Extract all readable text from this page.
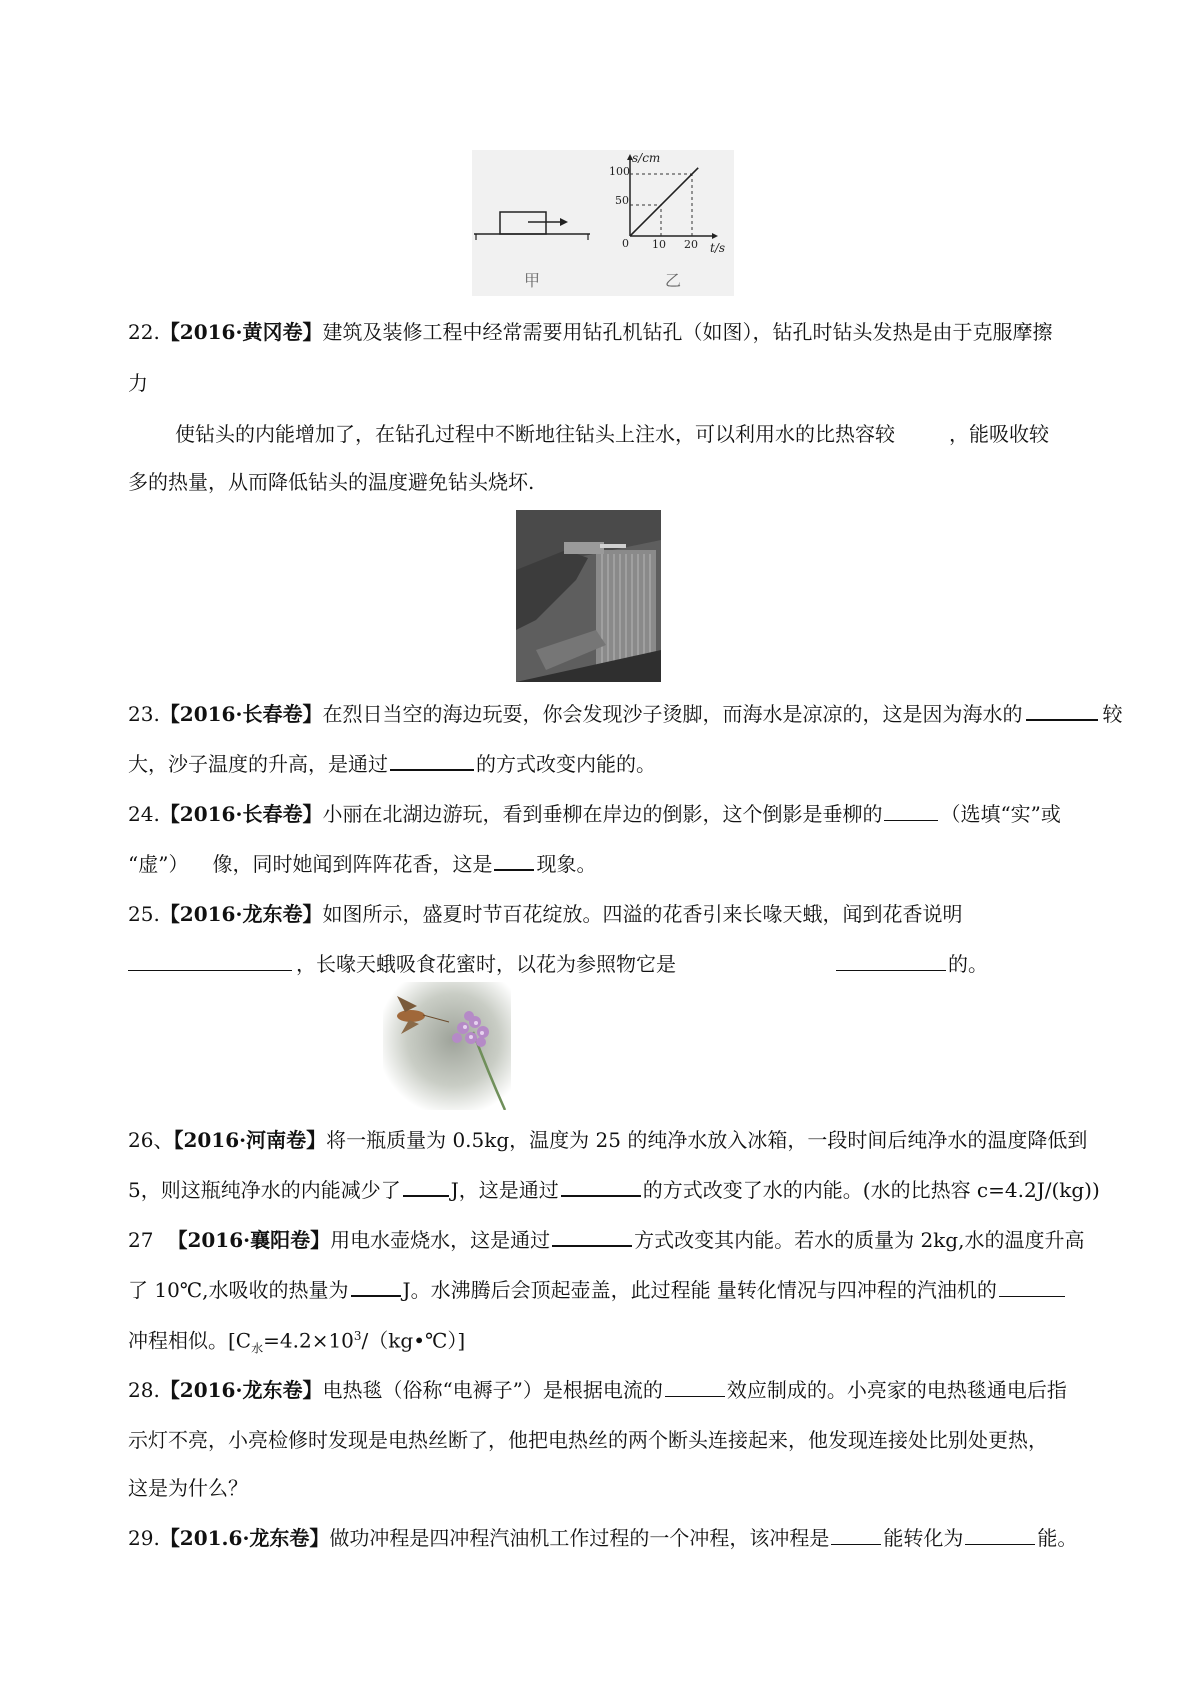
甲
s/cm
t/s
0 10 20
50
100
乙
22.【2016·黄冈卷】建筑及装修工程中经常需要用钻孔机钻孔（如图），钻孔时钻头发热是由于克服摩擦
力
使钻头的内能增加了，在钻孔过程中不断地往钻头上注水，可以利用水的比热容较	，能吸收较
多的热量，从而降低钻头的温度避免钻头烧坏.
23.【2016·长春卷】在烈日当空的海边玩耍，你会发现沙子烫脚，而海水是凉凉的，这是因为海水的	较
大，沙子温度的升高，是通过	的方式改变内能的。
24.【2016·长春卷】小丽在北湖边游玩，看到垂柳在岸边的倒影，这个倒影是垂柳的	（选填“实”或
“虚”） 像，同时她闻到阵阵花香，这是 现象。
25.【2016·龙东卷】如图所示，盛夏时节百花绽放。四溢的花香引来长喙天蛾，闻到花香说明
，长喙天蛾吸食花蜜时，以花为参照物它是	的。
26、【2016·河南卷】将一瓶质量为 0.5kg，温度为 25 的纯净水放入冰箱，一段时间后纯净水的温度降低到
5，则这瓶纯净水的内能减少了	J，这是通过	的方式改变了水的内能。(水的比热容 c=4.2J/(kg))
27 【2016·襄阳卷】用电水壶烧水，这是通过	方式改变其内能。若水的质量为 2kg,水的温度升高
了 10℃,水吸收的热量为	J。水沸腾后会顶起壶盖，此过程能 量转化情况与四冲程的汽油机的
冲程相似。$[C_水=4.2\times 10^3/(kg•℃)]$
28.【2016·龙东卷】电热毯（俗称“电褥子”）是根据电流的	效应制成的。小亮家的电热毯通电后指
示灯不亮，小亮检修时发现是电热丝断了，他把电热丝的两个断头连接起来，他发现连接处比别处更热，
这是为什么？
29.【201.6·龙东卷】做功冲程是四冲程汽油机工作过程的一个冲程，该冲程是	能转化为	能。
